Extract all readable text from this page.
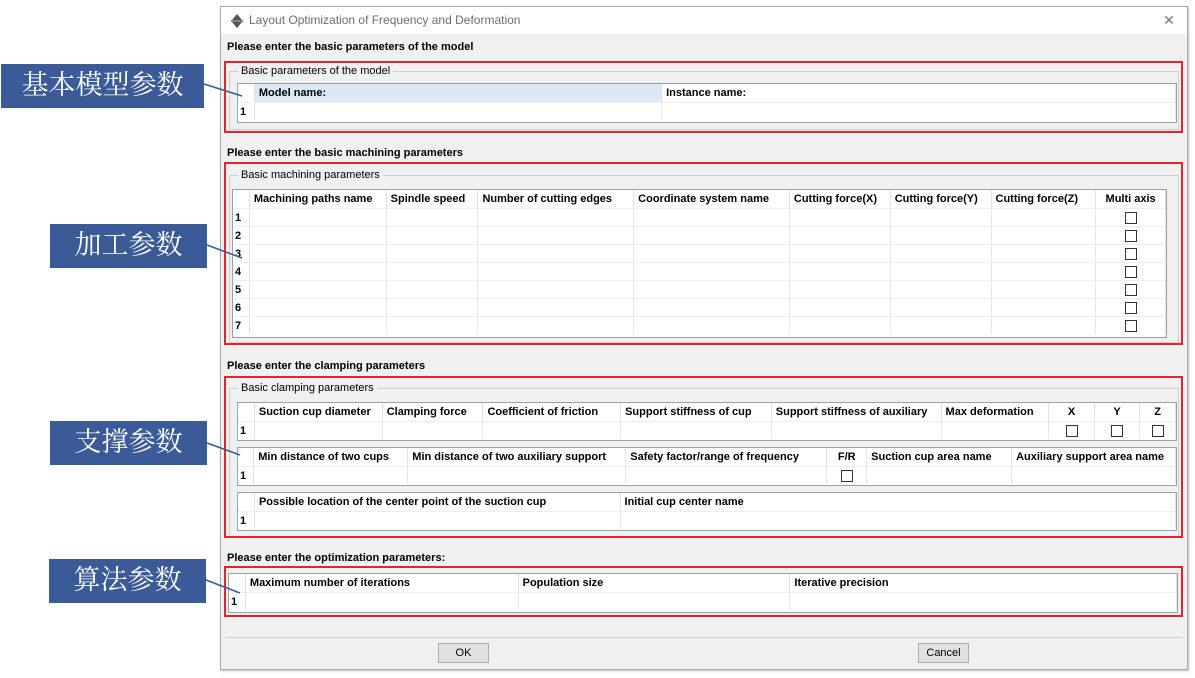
Layout Optimization of Frequency and Deformation	✕
Please enter the basic parameters of the model
Basic parameters of the model
	Model name:	Instance name:
1		
Please enter the basic machining parameters
Basic machining parameters
	Machining paths name	Spindle speed	Number of cutting edges	Coordinate system name	Cutting force(X)	Cutting force(Y)	Cutting force(Z)	Multi axis
1								
2								
3								
4								
5								
6								
7								
Please enter the clamping parameters
Basic clamping parameters
	Suction cup diameter	Clamping force	Coefficient of friction	Support stiffness of cup	Support stiffness of auxiliary	Max deformation	X	Y	Z
1									
	Min distance of two cups	Min distance of two auxiliary support	Safety factor/range of frequency	F/R	Suction cup area name	Auxiliary support area name
1						
	Possible location of the center point of the suction cup	Initial cup center name
1		
Please enter the optimization parameters:
	Maximum number of iterations	Population size	Iterative precision
1			
OK	Cancel
基本模型参数
加工参数
支撑参数
算法参数
